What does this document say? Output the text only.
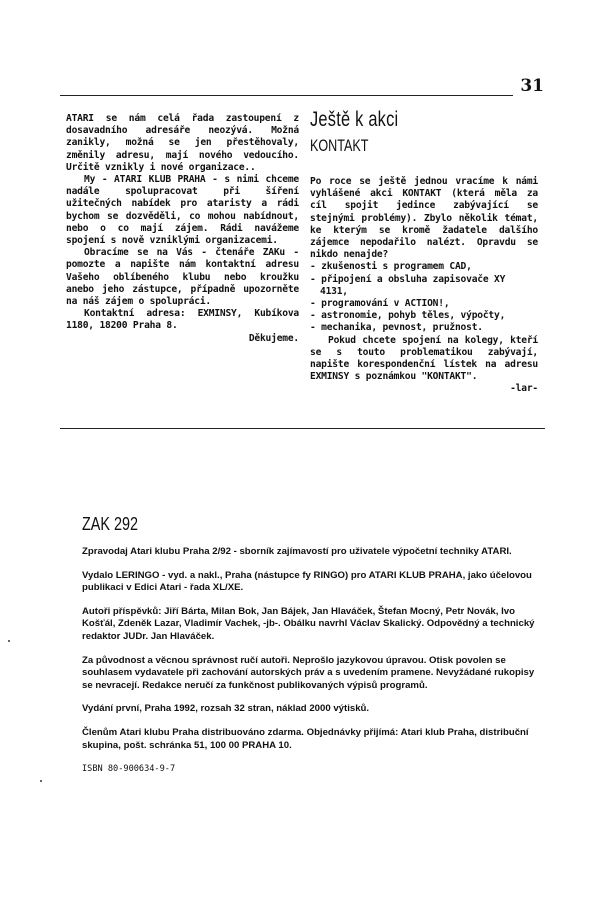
31

ATARI se nám celá řada zastoupení z dosavadního adresáře neozývá. Možná zanikly, možná se jen přestěhovaly, změnily adresu, mají nového vedoucího. Určitě vznikly i nové organizace..

My - ATARI KLUB PRAHA - s nimi chceme nadále spolupracovat při šíření užitečných nabídek pro ataristy a rádi bychom se dozvěděli, co mohou nabídnout, nebo o co mají zájem. Rádi navážeme spojení s nově vzniklými organizacemi.

Obracíme se na Vás - čtenáře ZAKu - pomozte a napište nám kontaktní adresu Vašeho oblíbeného klubu nebo kroužku anebo jeho zástupce, případně upozorněte na náš zájem o spolupráci.

Kontaktní adresa: EXMINSY, Kubíkova 1180, 18200 Praha 8.

Děkujeme.

Ještě k akci
KONTAKT

Po roce se ještě jednou vracíme k námi vyhlášené akci KONTAKT (která měla za cíl spojit jedince zabývající se stejnými problémy). Zbylo několik témat, ke kterým se kromě žadatele dalšího zájemce nepodařilo nalézt. Opravdu se nikdo nenajde?

- zkušenosti s programem CAD,
- připojení a obsluha zapisovače XY 4131,
- programování v ACTION!,
- astronomie, pohyb těles, výpočty,
- mechanika, pevnost, pružnost.

Pokud chcete spojení na kolegy, kteří se s touto problematikou zabývají, napište korespondenční lístek na adresu EXMINSY s poznámkou "KONTAKT".

-lar-

ZAK 292

Zpravodaj Atari klubu Praha 2/92 - sborník zajímavostí pro uživatele výpočetní techniky ATARI.

Vydalo LERINGO - vyd. a nakl., Praha (nástupce fy RINGO) pro ATARI KLUB PRAHA, jako účelovou publikaci v Edici Atari - řada XL/XE.

Autoři příspěvků: Jiří Bárta, Milan Bok, Jan Bájek, Jan Hlaváček, Štefan Mocný, Petr Novák, Ivo Košťál, Zdeněk Lazar, Vladimír Vachek, -jb-. Obálku navrhl Václav Skalický. Odpovědný a technický redaktor JUDr. Jan Hlaváček.

Za původnost a věcnou správnost ručí autoři. Neprošlo jazykovou úpravou. Otisk povolen se souhlasem vydavatele při zachování autorských práv a s uvedením pramene. Nevyžádané rukopisy se nevracejí. Redakce neručí za funkčnost publikovaných výpisů programů.

Vydání první, Praha 1992, rozsah 32 stran, náklad 2000 výtisků.

Členům Atari klubu Praha distribuováno zdarma. Objednávky přijímá: Atari klub Praha, distribuční skupina, pošt. schránka 51, 100 00 PRAHA 10.

ISBN 80-900634-9-7
